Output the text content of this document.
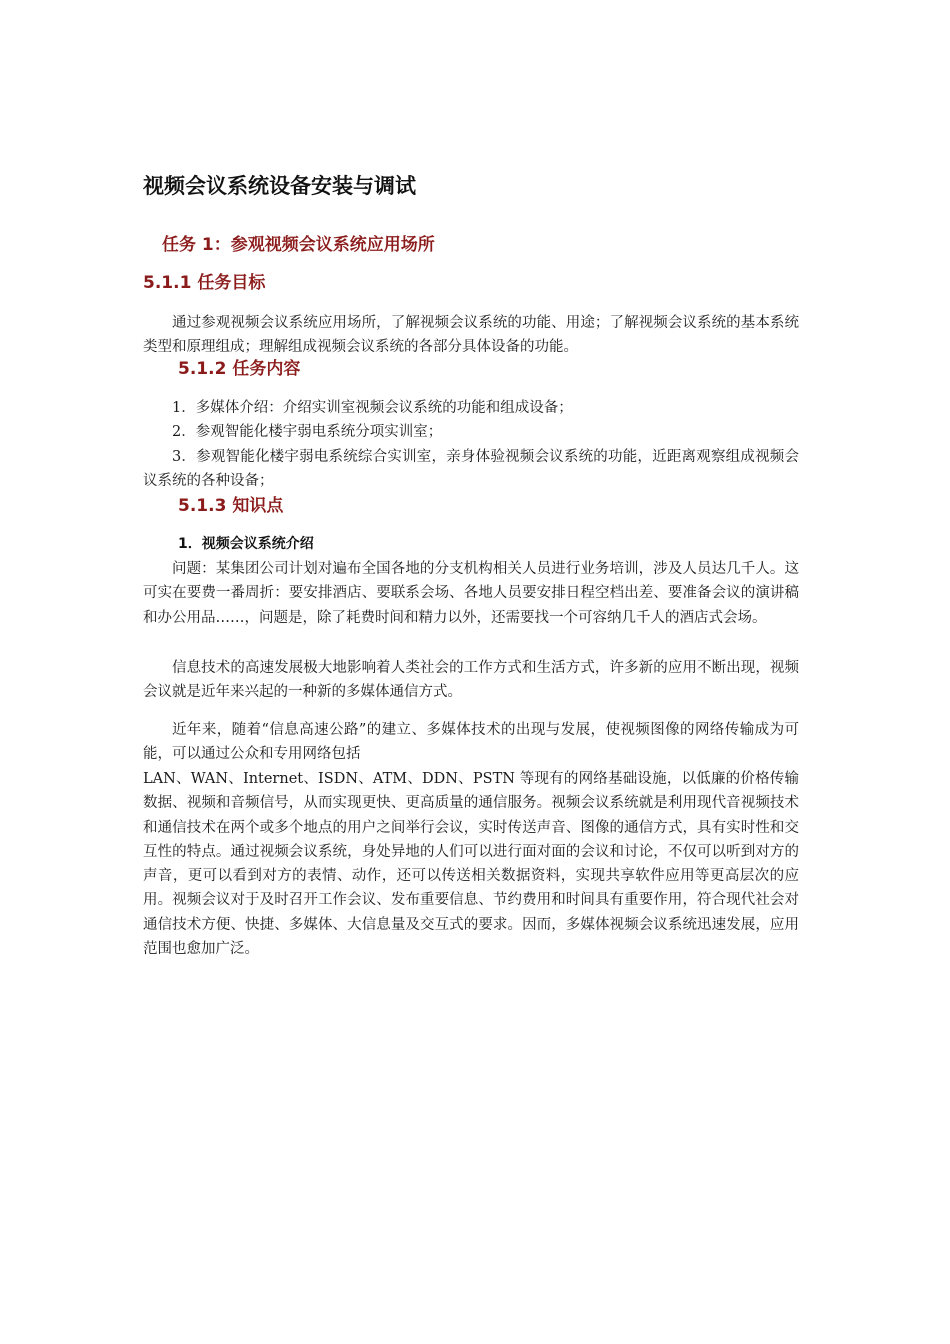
视频会议系统设备安装与调试
任务 1：参观视频会议系统应用场所
5.1.1 任务目标

通过参观视频会议系统应用场所，了解视频会议系统的功能、用途；了解视频会议系统的基本系统类型和原理组成；理解组成视频会议系统的各部分具体设备的功能。

5.1.2 任务内容

1．多媒体介绍：介绍实训室视频会议系统的功能和组成设备；

2．参观智能化楼宇弱电系统分项实训室；

3．参观智能化楼宇弱电系统综合实训室，亲身体验视频会议系统的功能，近距离观察组成视频会议系统的各种设备；

5.1.3 知识点
1．视频会议系统介绍

问题：某集团公司计划对遍布全国各地的分支机构相关人员进行业务培训，涉及人员达几千人。这可实在要费一番周折：要安排酒店、要联系会场、各地人员要安排日程空档出差、要准备会议的演讲稿和办公用品……，问题是，除了耗费时间和精力以外，还需要找一个可容纳几千人的酒店式会场。

信息技术的高速发展极大地影响着人类社会的工作方式和生活方式，许多新的应用不断出现，视频会议就是近年来兴起的一种新的多媒体通信方式。

近年来，随着“信息高速公路”的建立、多媒体技术的出现与发展，使视频图像的网络传输成为可能，可以通过公众和专用网络包括

LAN、WAN、Internet、ISDN、ATM、DDN、PSTN 等现有的网络基础设施，以低廉的价格传输数据、视频和音频信号，从而实现更快、更高质量的通信服务。视频会议系统就是利用现代音视频技术和通信技术在两个或多个地点的用户之间举行会议，实时传送声音、图像的通信方式，具有实时性和交互性的特点。通过视频会议系统，身处异地的人们可以进行面对面的会议和讨论，不仅可以听到对方的声音，更可以看到对方的表情、动作，还可以传送相关数据资料，实现共享软件应用等更高层次的应用。视频会议对于及时召开工作会议、发布重要信息、节约费用和时间具有重要作用，符合现代社会对通信技术方便、快捷、多媒体、大信息量及交互式的要求。因而，多媒体视频会议系统迅速发展，应用范围也愈加广泛。
